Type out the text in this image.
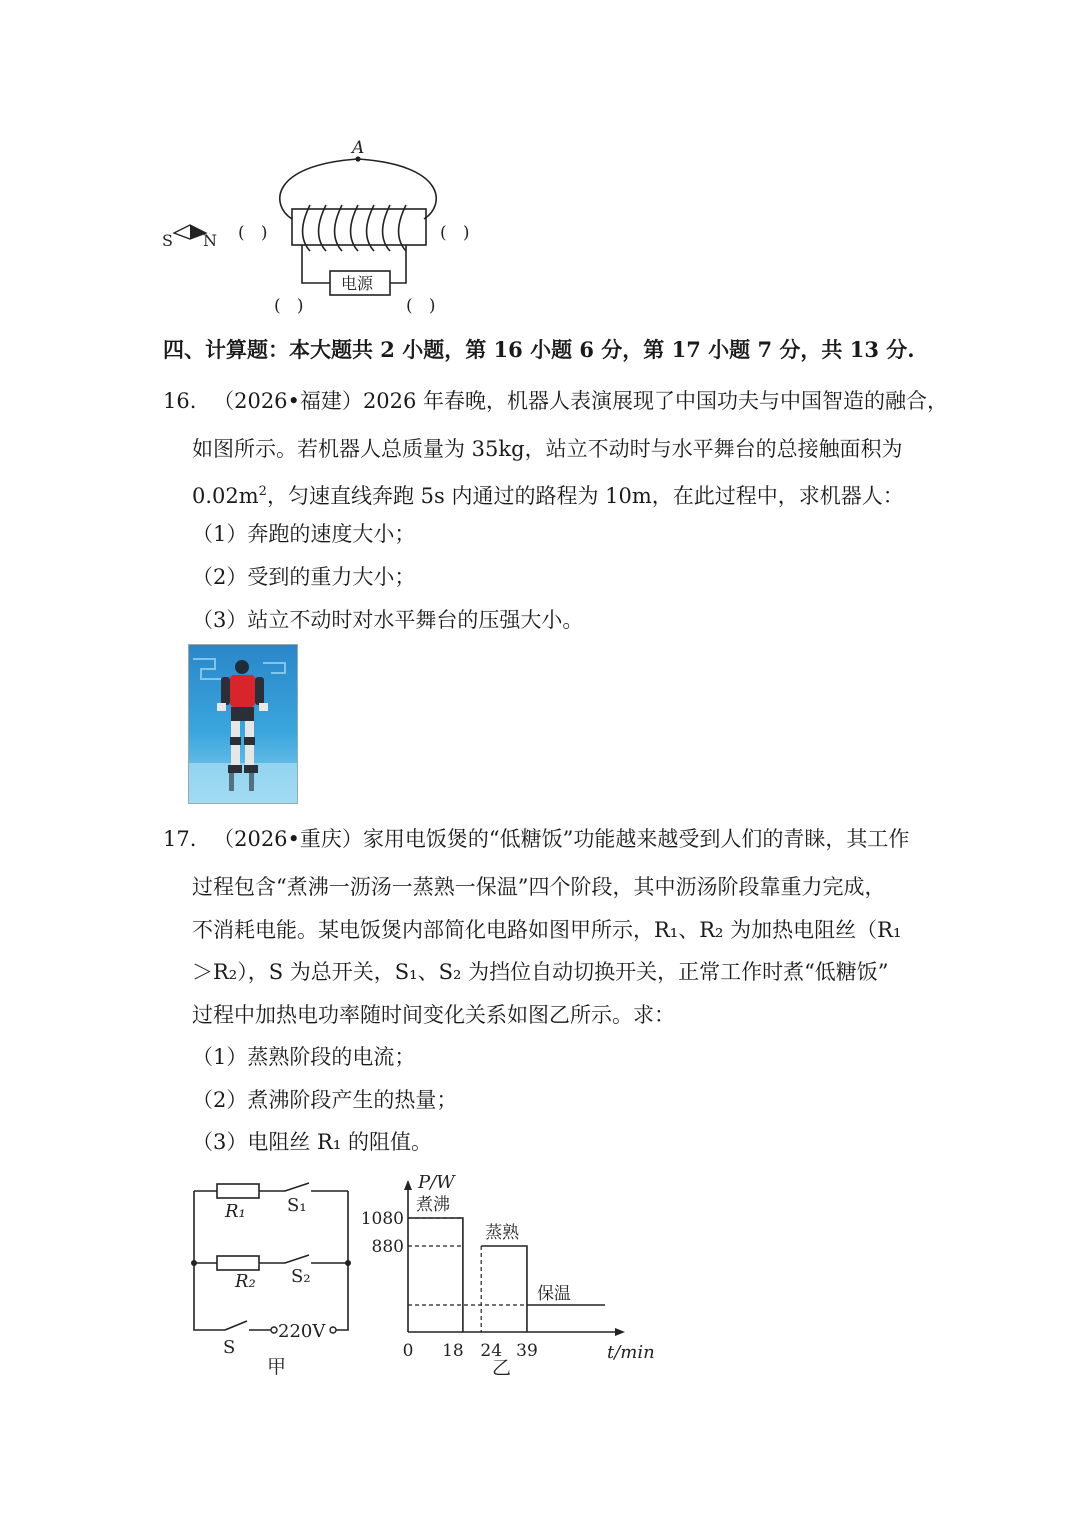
A
电源
S N (   )	(   )
(   )	(   )
四、计算题：本大题共 2 小题，第 16 小题 6 分，第 17 小题 7 分，共 13 分.
16. （2026•福建）2026 年春晚，机器人表演展现了中国功夫与中国智造的融合，
如图所示。若机器人总质量为 35kg，站立不动时与水平舞台的总接触面积为
$0.02m^2$，匀速直线奔跑 5s 内通过的路程为 10m，在此过程中，求机器人：
（1）奔跑的速度大小；
（2）受到的重力大小；
（3）站立不动时对水平舞台的压强大小。
17. （2026•重庆）家用电饭煲的“低糖饭”功能越来越受到人们的青睐，其工作
过程包含“煮沸一沥汤一蒸熟一保温”四个阶段，其中沥汤阶段靠重力完成，
不消耗电能。某电饭煲内部简化电路如图甲所示，R₁、R₂ 为加热电阻丝（R₁
＞R₂），S 为总开关，S₁、S₂ 为挡位自动切换开关，正常工作时煮“低糖饭”
过程中加热电功率随时间变化关系如图乙所示。求：
（1）蒸熟阶段的电流；
（2）煮沸阶段产生的热量；
（3）电阻丝 R₁ 的阻值。
R₁ S₁
R₂ S₂
S
220V
甲
P/W
t/min
1080
880
0 18 24 39
煮沸
蒸熟
保温
乙
